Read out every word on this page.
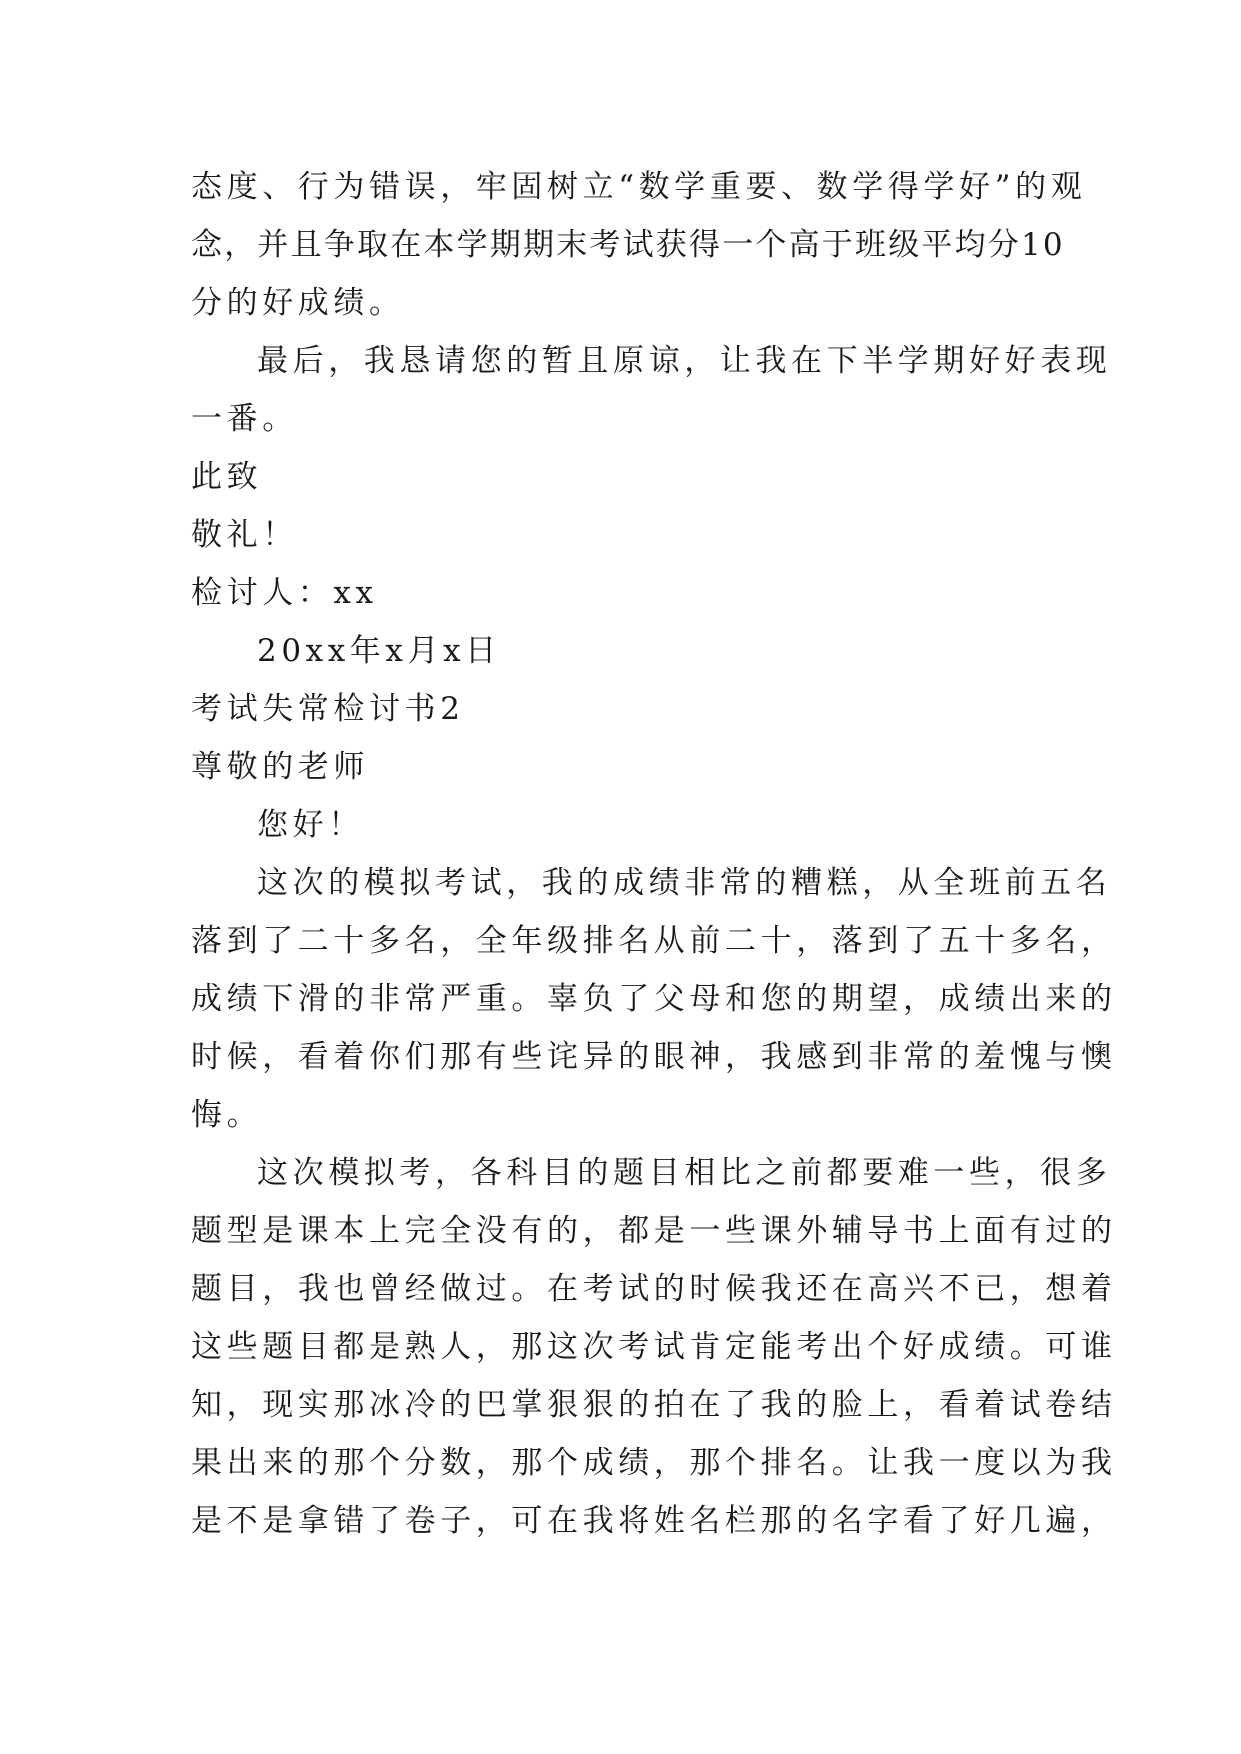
态度、行为错误，牢固树立“数学重要、数学得学好”的观
念，并且争取在本学期期末考试获得一个高于班级平均分10
分的好成绩。
最后，我恳请您的暂且原谅，让我在下半学期好好表现
一番。
此致
敬礼！
检讨人：xx
20xx年x月x日
考试失常检讨书2
尊敬的老师
您好！
这次的模拟考试，我的成绩非常的糟糕，从全班前五名
落到了二十多名，全年级排名从前二十，落到了五十多名，
成绩下滑的非常严重。辜负了父母和您的期望，成绩出来的
时候，看着你们那有些诧异的眼神，我感到非常的羞愧与懊
悔。
这次模拟考，各科目的题目相比之前都要难一些，很多
题型是课本上完全没有的，都是一些课外辅导书上面有过的
题目，我也曾经做过。在考试的时候我还在高兴不已，想着
这些题目都是熟人，那这次考试肯定能考出个好成绩。可谁
知，现实那冰冷的巴掌狠狠的拍在了我的脸上，看着试卷结
果出来的那个分数，那个成绩，那个排名。让我一度以为我
是不是拿错了卷子，可在我将姓名栏那的名字看了好几遍，
